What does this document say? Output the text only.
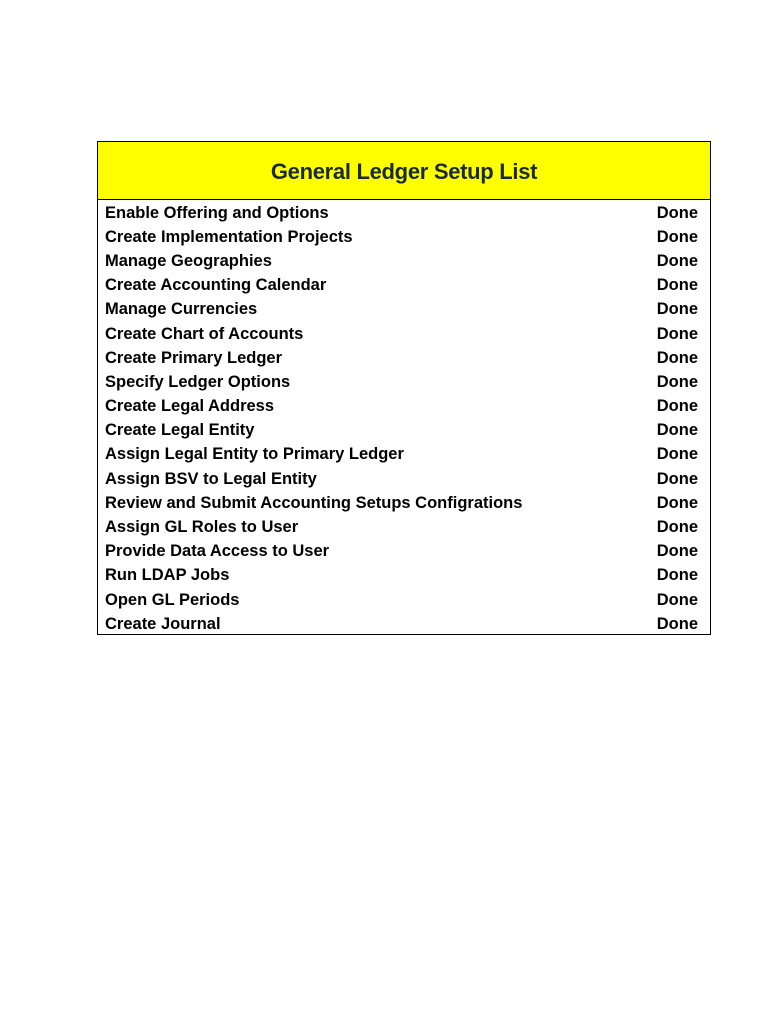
General Ledger Setup List
Enable Offering and Options	Done
Create Implementation Projects	Done
Manage Geographies	Done
Create Accounting Calendar	Done
Manage Currencies	Done
Create Chart of Accounts	Done
Create Primary Ledger	Done
Specify Ledger Options	Done
Create Legal Address	Done
Create Legal Entity	Done
Assign Legal Entity to Primary Ledger	Done
Assign BSV to Legal Entity	Done
Review and Submit Accounting Setups Configrations	Done
Assign GL Roles to User	Done
Provide Data Access to User	Done
Run LDAP Jobs	Done
Open GL Periods	Done
Create Journal	Done
